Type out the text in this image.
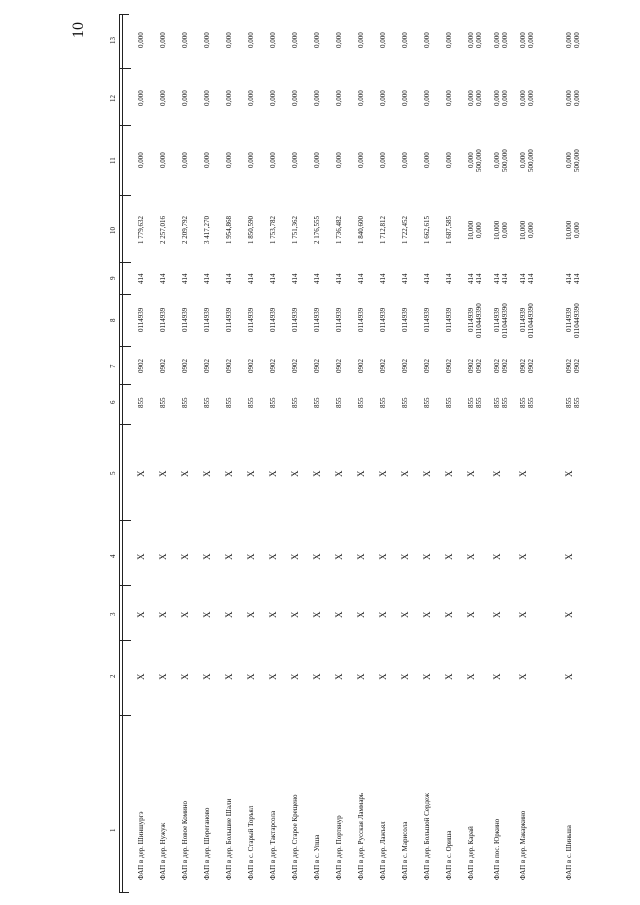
10
1
2
3
4
5
6
7
8
9
10
11
12
13
ФАП в дер. Шиншургэ
X
X
X
X
855
0902
0114939
414
1 779,632
0,000
0,000
0,000
ФАП в дер. Нужуж
X
X
X
X
855
0902
0114939
414
2 257,016
0,000
0,000
0,000
ФАП в дер. Новое Комино
X
X
X
X
855
0902
0114939
414
2 209,792
0,000
0,000
0,000
ФАП в дер. Шереганово
X
X
X
X
855
0902
0114939
414
3 417,270
0,000
0,000
0,000
ФАП в дер. Большие Шали
X
X
X
X
855
0902
0114939
414
1 954,868
0,000
0,000
0,000
ФАП в с. Старый Торъял
X
X
X
X
855
0902
0114939
414
1 850,590
0,000
0,000
0,000
ФАП в дер. Тактарсола
X
X
X
X
855
0902
0114939
414
1 753,782
0,000
0,000
0,000
ФАП в дер. Старое Крещено
X
X
X
X
855
0902
0114939
414
1 751,362
0,000
0,000
0,000
ФАП в с. Упша
X
X
X
X
855
0902
0114939
414
2 176,555
0,000
0,000
0,000
ФАП в дер. Портянур
X
X
X
X
855
0902
0114939
414
1 736,482
0,000
0,000
0,000
ФАП в дер. Русская Ламмарь
X
X
X
X
855
0902
0114939
414
1 840,600
0,000
0,000
0,000
ФАП в дер. Лажъял
X
X
X
X
855
0902
0114939
414
1 712,812
0,000
0,000
0,000
ФАП в с. Марисола
X
X
X
X
855
0902
0114939
414
1 722,452
0,000
0,000
0,000
ФАП в дер. Большой Сердеж
X
X
X
X
855
0902
0114939
414
1 662,615
0,000
0,000
0,000
ФАП в с. Ориша
X
X
X
X
855
0902
0114939
414
1 687,585
0,000
0,000
0,000
ФАП в дер. Карай
X
X
X
X
855 855
0902 0902
0114939 0110449390
414 414
10,000 0,000
0,000 500,000
0,000 0,000
0,000 0,000
ФАП в пос. Юркино
X
X
X
X
855 855
0902 0902
0114939 0110449390
414 414
10,000 0,000
0,000 500,000
0,000 0,000
0,000 0,000
ФАП в дер. Макаркино
X
X
X
X
855 855
0902 0902
0114939 0110449390
414 414
10,000 0,000
0,000 500,000
0,000 0,000
0,000 0,000
ФАП в с. Шиньша
X
X
X
X
855 855
0902 0902
0114939 0110449390
414 414
10,000 0,000
0,000 500,000
0,000 0,000
0,000 0,000
